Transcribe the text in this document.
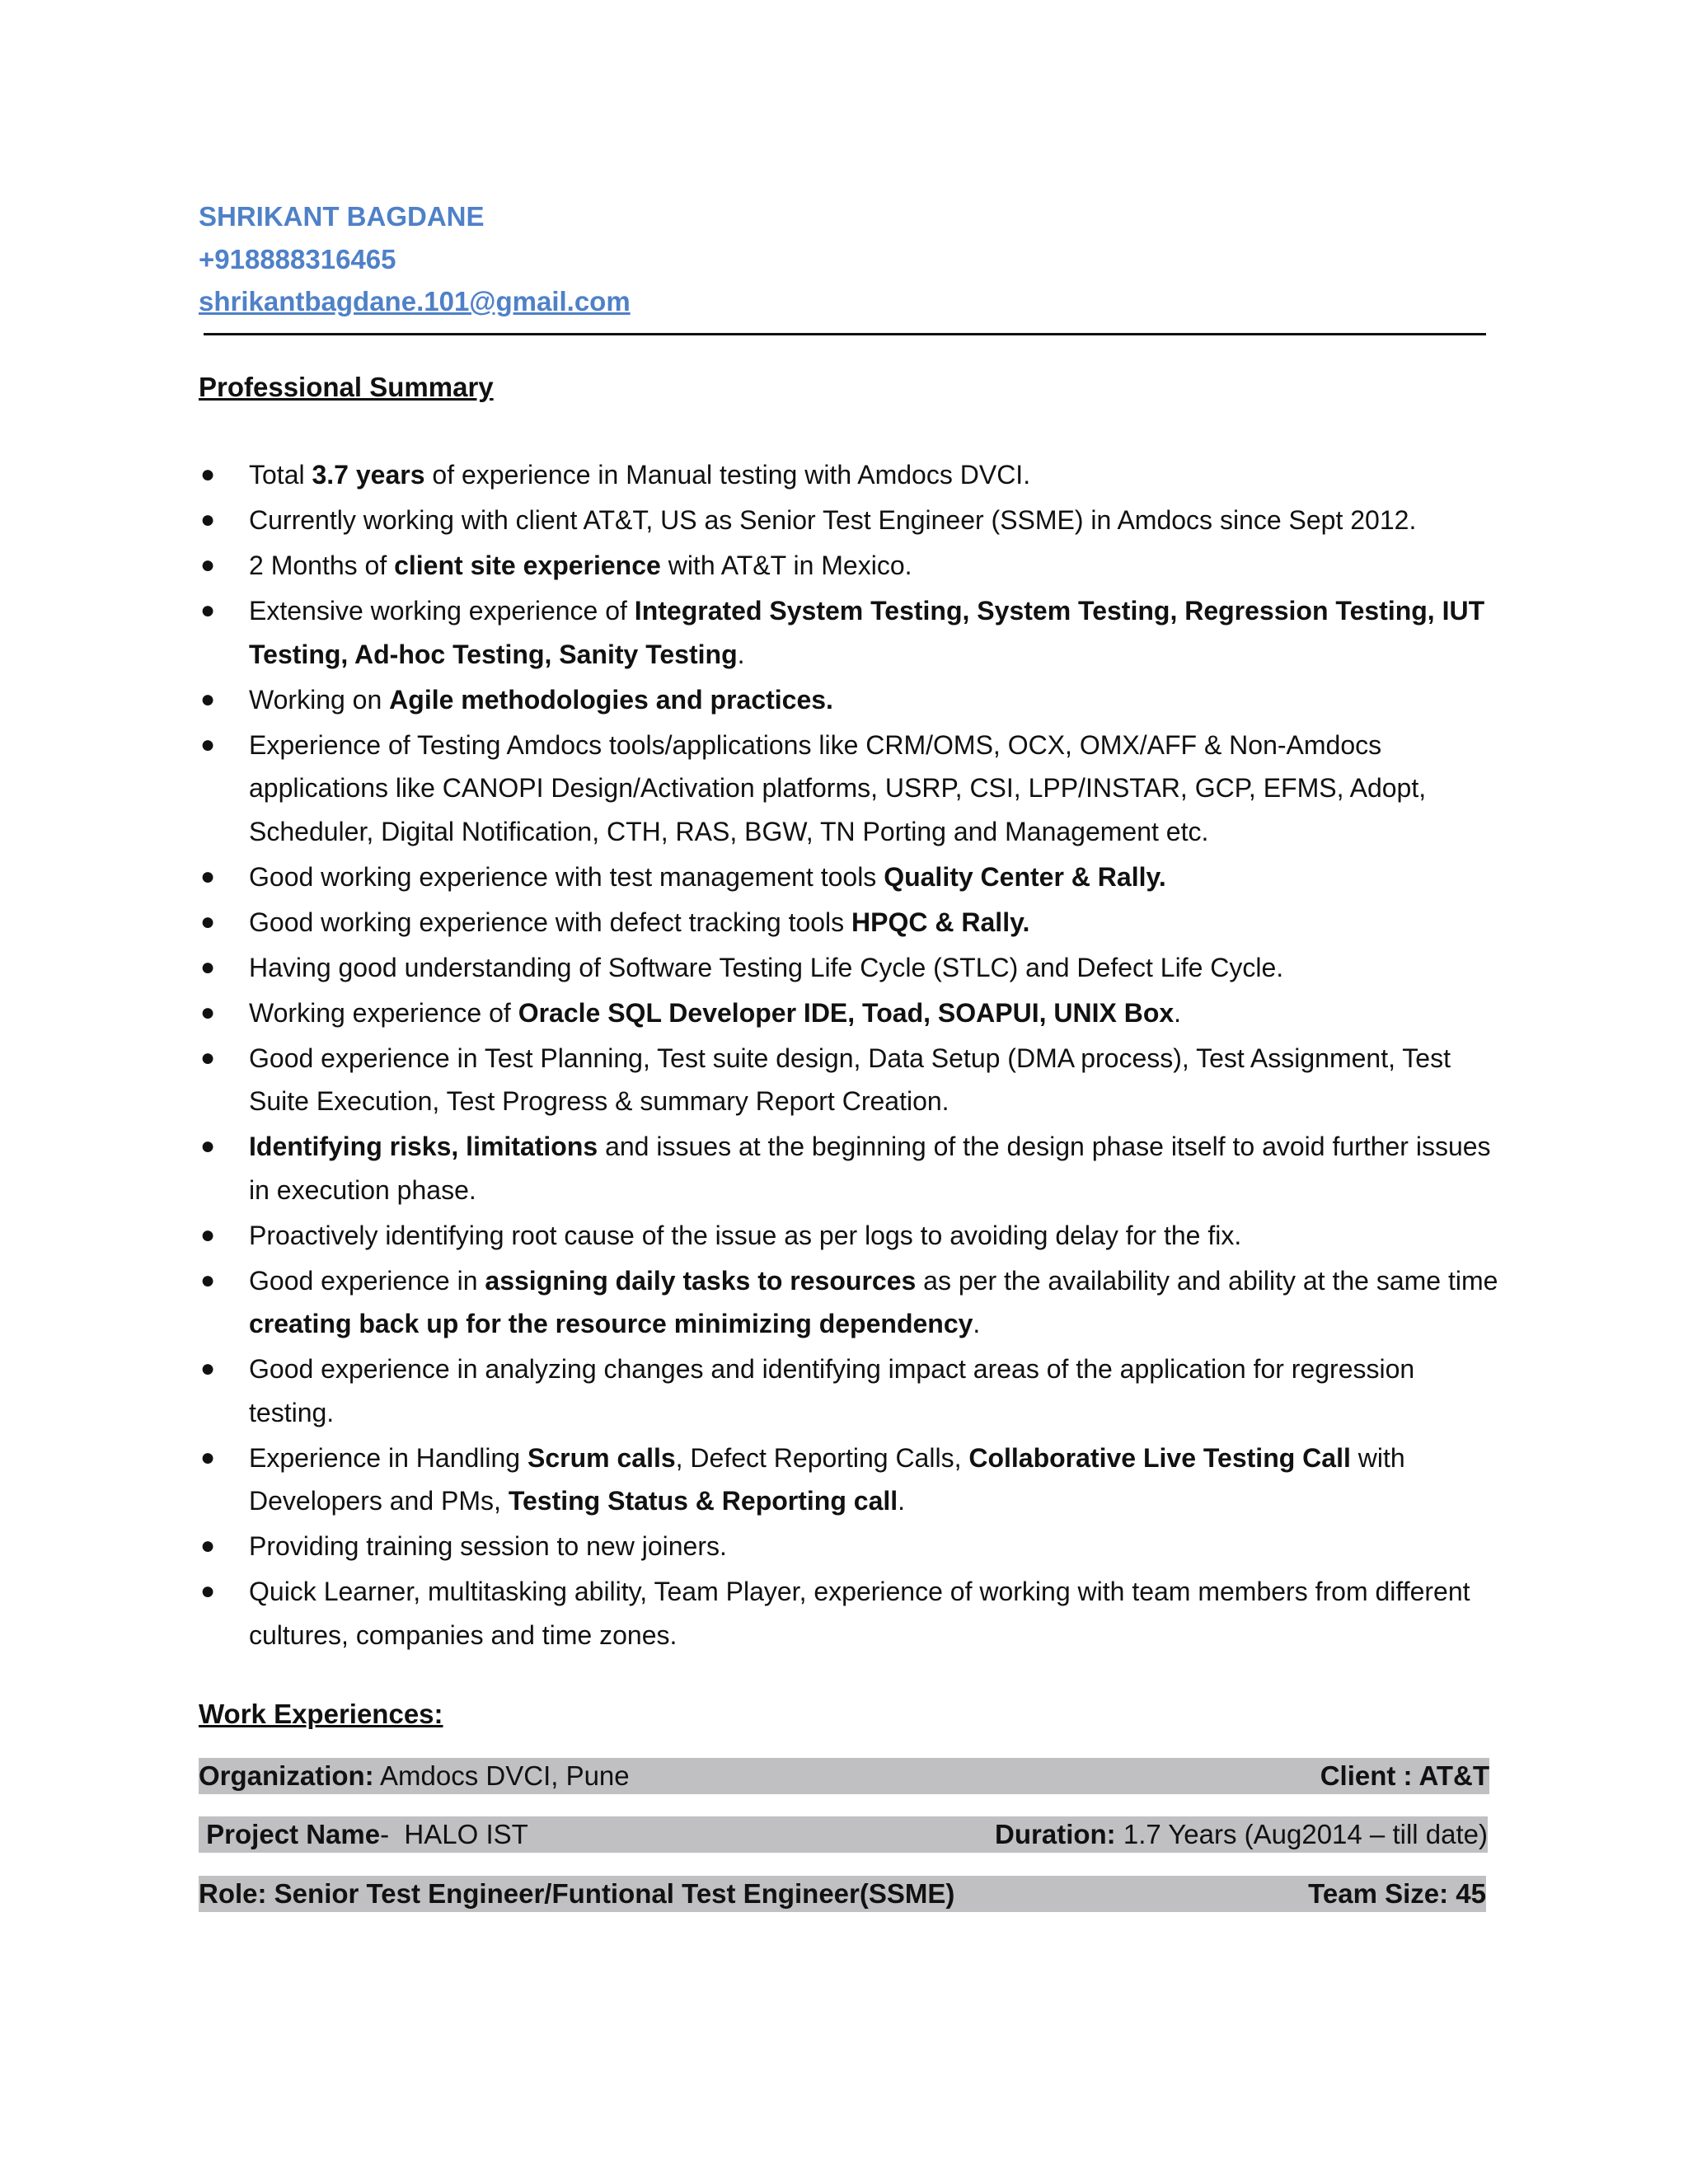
SHRIKANT BAGDANE
+918888316465
shrikantbagdane.101@gmail.com
Professional Summary
● Total 3.7 years of experience in Manual testing with Amdocs DVCI.
● Currently working with client AT&T, US as Senior Test Engineer (SSME) in Amdocs since Sept 2012.
● 2 Months of client site experience with AT&T in Mexico.
● Extensive working experience of Integrated System Testing, System Testing, Regression Testing, IUT Testing, Ad-hoc Testing, Sanity Testing.
● Working on Agile methodologies and practices.
● Experience of Testing Amdocs tools/applications like CRM/OMS, OCX, OMX/AFF & Non-Amdocs applications like CANOPI Design/Activation platforms, USRP, CSI, LPP/INSTAR, GCP, EFMS, Adopt, Scheduler, Digital Notification, CTH, RAS, BGW, TN Porting and Management etc.
● Good working experience with test management tools Quality Center & Rally.
● Good working experience with defect tracking tools HPQC & Rally.
● Having good understanding of Software Testing Life Cycle (STLC) and Defect Life Cycle.
● Working experience of Oracle SQL Developer IDE, Toad, SOAPUI, UNIX Box.
● Good experience in Test Planning, Test suite design, Data Setup (DMA process), Test Assignment, Test Suite Execution, Test Progress & summary Report Creation.
● Identifying risks, limitations and issues at the beginning of the design phase itself to avoid further issues in execution phase.
● Proactively identifying root cause of the issue as per logs to avoiding delay for the fix.
● Good experience in assigning daily tasks to resources as per the availability and ability at the same time creating back up for the resource minimizing dependency.
● Good experience in analyzing changes and identifying impact areas of the application for regression testing.
● Experience in Handling Scrum calls, Defect Reporting Calls, Collaborative Live Testing Call with Developers and PMs, Testing Status & Reporting call.
● Providing training session to new joiners.
● Quick Learner, multitasking ability, Team Player, experience of working with team members from different cultures, companies and time zones.
Work Experiences:
Organization: Amdocs DVCI, Pune	Client : AT&T
Project Name-  HALO IST	Duration: 1.7 Years (Aug2014 – till date)
Role: Senior Test Engineer/Funtional Test Engineer(SSME)	Team Size: 45
